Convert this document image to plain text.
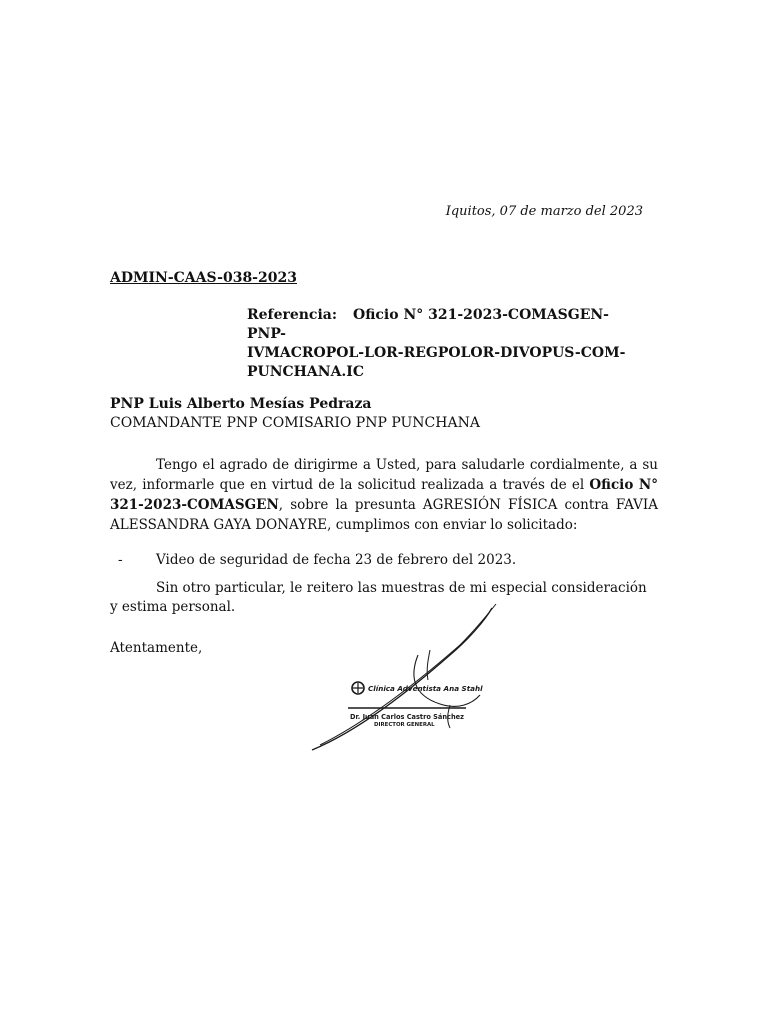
Iquitos, 07 de marzo del 2023
ADMIN-CAAS-038-2023
Referencia: Oficio N° 321-2023-COMASGEN-PNP-
IVMACROPOL-LOR-REGPOLOR-DIVOPUS-COM-
PUNCHANA.IC
PNP Luis Alberto Mesías Pedraza
COMANDANTE PNP COMISARIO PNP PUNCHANA
Tengo el agrado de dirigirme a Usted, para saludarle cordialmente, a su vez, informarle que en virtud de la solicitud realizada a través de el Oficio N° 321-2023-COMASGEN, sobre la presunta AGRESIÓN FÍSICA contra FAVIA ALESSANDRA GAYA DONAYRE, cumplimos con enviar lo solicitado:
- Video de seguridad de fecha 23 de febrero del 2023.
Sin otro particular, le reitero las muestras de mi especial consideración y estima personal.
Atentamente,
Clínica Adventista Ana Stahl
Dr. Juan Carlos Castro Sánchez
DIRECTOR GENERAL
